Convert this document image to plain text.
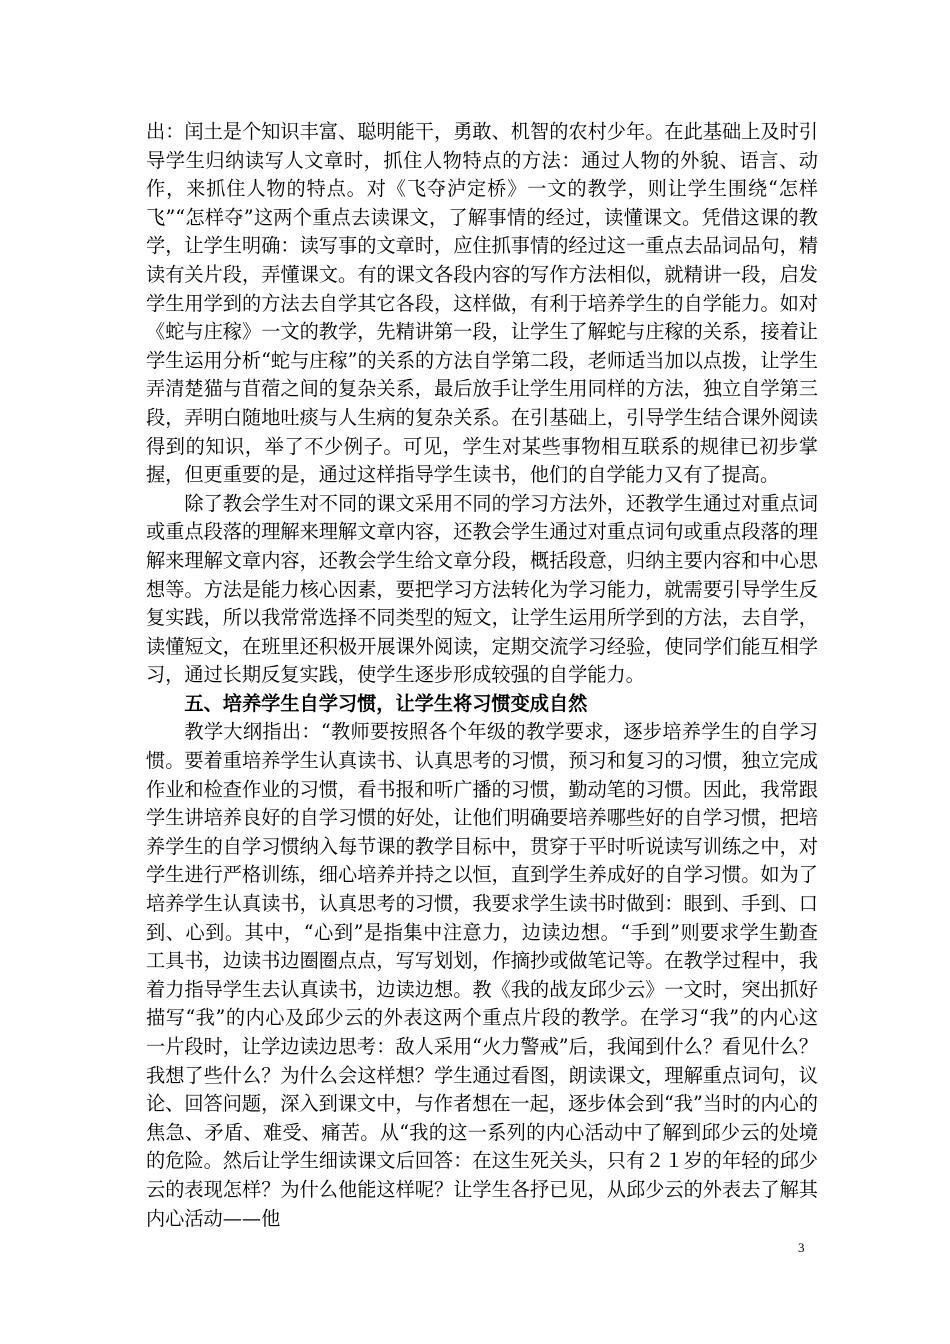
出：闰土是个知识丰富、聪明能干，勇敢、机智的农村少年。在此基础上及时引导学生归纳读写人文章时，抓住人物特点的方法：通过人物的外貌、语言、动作，来抓住人物的特点。对《飞夺泸定桥》一文的教学，则让学生围绕“怎样飞”“怎样夺”这两个重点去读课文，了解事情的经过，读懂课文。凭借这课的教学，让学生明确：读写事的文章时，应住抓事情的经过这一重点去品词品句，精读有关片段，弄懂课文。有的课文各段内容的写作方法相似，就精讲一段，启发学生用学到的方法去自学其它各段，这样做，有利于培养学生的自学能力。如对《蛇与庄稼》一文的教学，先精讲第一段，让学生了解蛇与庄稼的关系，接着让学生运用分析“蛇与庄稼”的关系的方法自学第二段，老师适当加以点拨，让学生弄清楚猫与苜蓿之间的复杂关系，最后放手让学生用同样的方法，独立自学第三段，弄明白随地吐痰与人生病的复杂关系。在引基础上，引导学生结合课外阅读得到的知识，举了不少例子。可见，学生对某些事物相互联系的规律已初步掌握，但更重要的是，通过这样指导学生读书，他们的自学能力又有了提高。

除了教会学生对不同的课文采用不同的学习方法外，还教学生通过对重点词或重点段落的理解来理解文章内容，还教会学生通过对重点词句或重点段落的理解来理解文章内容，还教会学生给文章分段，概括段意，归纳主要内容和中心思想等。方法是能力核心因素，要把学习方法转化为学习能力，就需要引导学生反复实践，所以我常常选择不同类型的短文，让学生运用所学到的方法，去自学，读懂短文，在班里还积极开展课外阅读，定期交流学习经验，使同学们能互相学习，通过长期反复实践，使学生逐步形成较强的自学能力。

五、培养学生自学习惯，让学生将习惯变成自然

教学大纲指出：“教师要按照各个年级的教学要求，逐步培养学生的自学习惯。要着重培养学生认真读书、认真思考的习惯，预习和复习的习惯，独立完成作业和检查作业的习惯，看书报和听广播的习惯，勤动笔的习惯。因此，我常跟学生讲培养良好的自学习惯的好处，让他们明确要培养哪些好的自学习惯，把培养学生的自学习惯纳入每节课的教学目标中，贯穿于平时听说读写训练之中，对学生进行严格训练，细心培养并持之以恒，直到学生养成好的自学习惯。如为了培养学生认真读书，认真思考的习惯，我要求学生读书时做到：眼到、手到、口到、心到。其中，“心到”是指集中注意力，边读边想。“手到”则要求学生勤查工具书，边读书边圈圈点点，写写划划，作摘抄或做笔记等。在教学过程中，我着力指导学生去认真读书，边读边想。教《我的战友邱少云》一文时，突出抓好描写“我”的内心及邱少云的外表这两个重点片段的教学。在学习“我”的内心这一片段时，让学边读边思考：敌人采用“火力警戒”后，我闻到什么？看见什么？我想了些什么？为什么会这样想？学生通过看图，朗读课文，理解重点词句，议论、回答问题，深入到课文中，与作者想在一起，逐步体会到“我”当时的内心的焦急、矛盾、难受、痛苦。从“我的这一系列的内心活动中了解到邱少云的处境的危险。然后让学生细读课文后回答：在这生死关头，只有２１岁的年轻的邱少云的表现怎样？为什么他能这样呢？让学生各抒已见，从邱少云的外表去了解其内心活动——他

3
